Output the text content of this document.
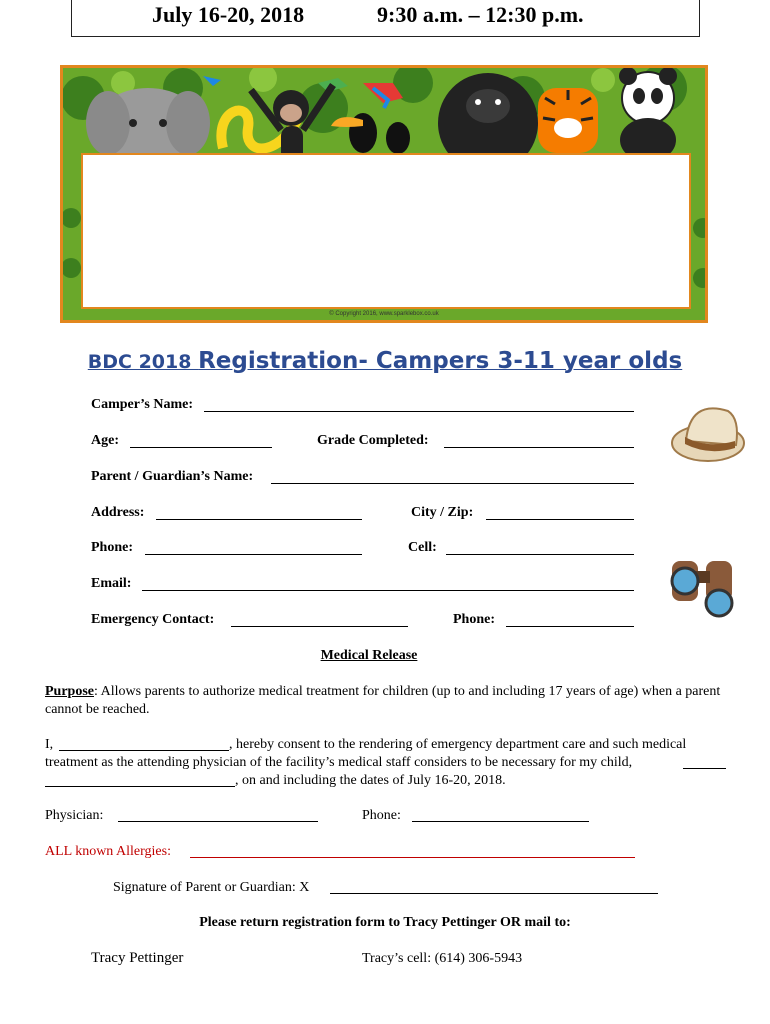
July 16-20, 2018	9:30 a.m. – 12:30 p.m.
© Copyright 2016, www.sparklebox.co.uk
BDC 2018 Registration- Campers 3-11 year olds
Camper’s Name:
Age:	Grade Completed:
Parent / Guardian’s Name:
Address:	City / Zip:
Phone:	Cell:
Email:
Emergency Contact:	Phone:
Medical Release
Purpose: Allows parents to authorize medical treatment for children (up to and including 17 years of age) when a parent cannot be reached.
I,	, hereby consent to the rendering of emergency department care and such medical
treatment as the attending physician of the facility’s medical staff considers to be necessary for my child,
, on and including the dates of July 16-20, 2018.
Physician:	Phone:
ALL known Allergies:
Signature of Parent or Guardian: X
Please return registration form to Tracy Pettinger OR mail to:
Tracy Pettinger	Tracy’s cell: (614) 306-5943
